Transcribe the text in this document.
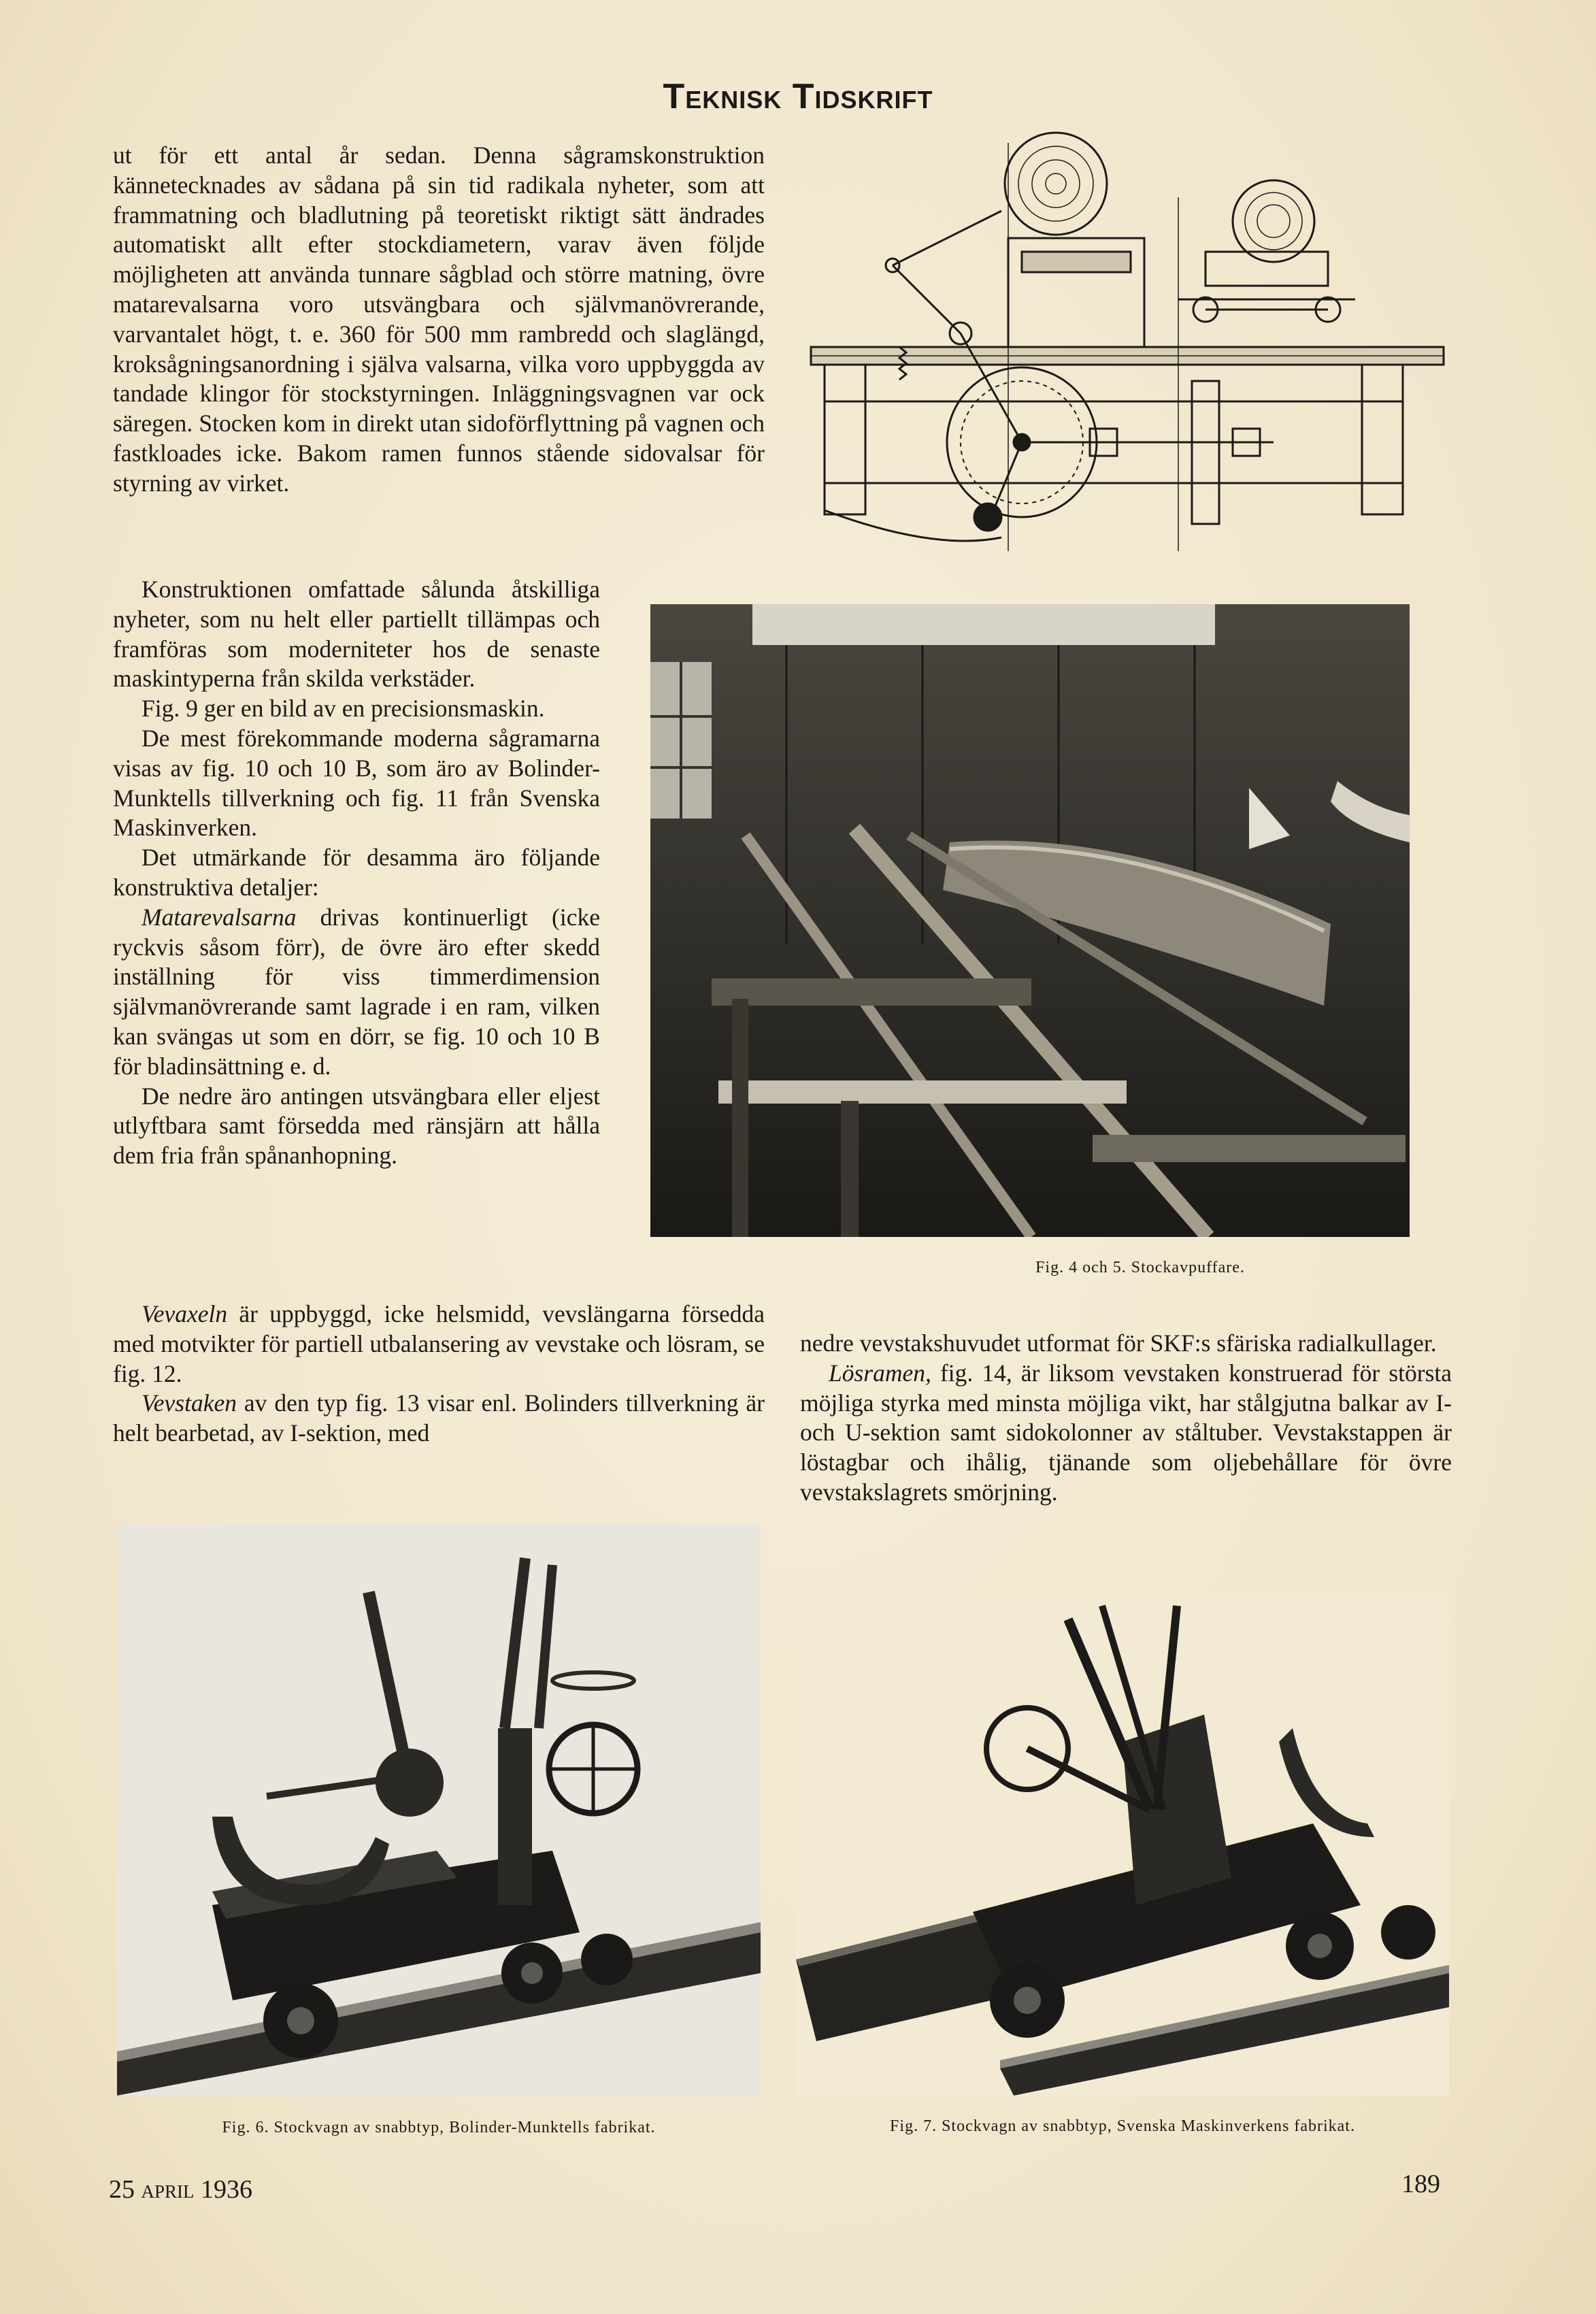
Teknisk Tidskrift

ut för ett antal år sedan. Denna sågramskonstruktion kännetecknades av sådana på sin tid radikala nyheter, som att frammatning och bladlutning på teoretiskt riktigt sätt ändrades automatiskt allt efter stockdiametern, varav även följde möjligheten att använda tunnare sågblad och större matning, övre matarevalsarna voro utsvängbara och självmanövrerande, varvantalet högt, t. e. 360 för 500 mm rambredd och slaglängd, kroksågningsanordning i själva valsarna, vilka voro uppbyggda av tandade klingor för stockstyrningen. Inläggningsvagnen var ock säregen. Stocken kom in direkt utan sidoförflyttning på vagnen och fastkloades icke. Bakom ramen funnos stående sidovalsar för styrning av virket.

Konstruktionen omfattade sålunda åtskilliga nyheter, som nu helt eller partiellt tillämpas och framföras som moderniteter hos de senaste maskintyperna från skilda verkstäder.

Fig. 9 ger en bild av en precisionsmaskin.

De mest förekommande moderna sågramarna visas av fig. 10 och 10 B, som äro av Bolinder-Munktells tillverkning och fig. 11 från Svenska Maskinverken.

Det utmärkande för desamma äro följande konstruktiva detaljer:

Matarevalsarna drivas kontinuerligt (icke ryckvis såsom förr), de övre äro efter skedd inställning för viss timmerdimension självmanövrerande samt lagrade i en ram, vilken kan svängas ut som en dörr, se fig. 10 och 10 B för bladinsättning e. d.

De nedre äro antingen utsvängbara eller eljest utlyftbara samt försedda med ränsjärn att hålla dem fria från spånanhopning.

Vevaxeln är uppbyggd, icke helsmidd, vevslängarna försedda med motvikter för partiell utbalansering av vevstake och lösram, se fig. 12.

Vevstaken av den typ fig. 13 visar enl. Bolinders tillverkning är helt bearbetad, av I-sektion, med

nedre vevstakshuvudet utformat för SKF:s sfäriska radialkullager.

Lösramen, fig. 14, är liksom vevstaken konstruerad för största möjliga styrka med minsta möjliga vikt, har stålgjutna balkar av I- och U-sektion samt sidokolonner av ståltuber. Vevstakstappen är löstagbar och ihålig, tjänande som oljebehållare för övre vevstakslagrets smörjning.

Fig. 4 och 5. Stockavpuffare.
Fig. 6. Stockvagn av snabbtyp, Bolinder-Munktells fabrikat.	Fig. 7. Stockvagn av snabbtyp, Svenska Maskinverkens fabrikat.
25 april 1936	189
